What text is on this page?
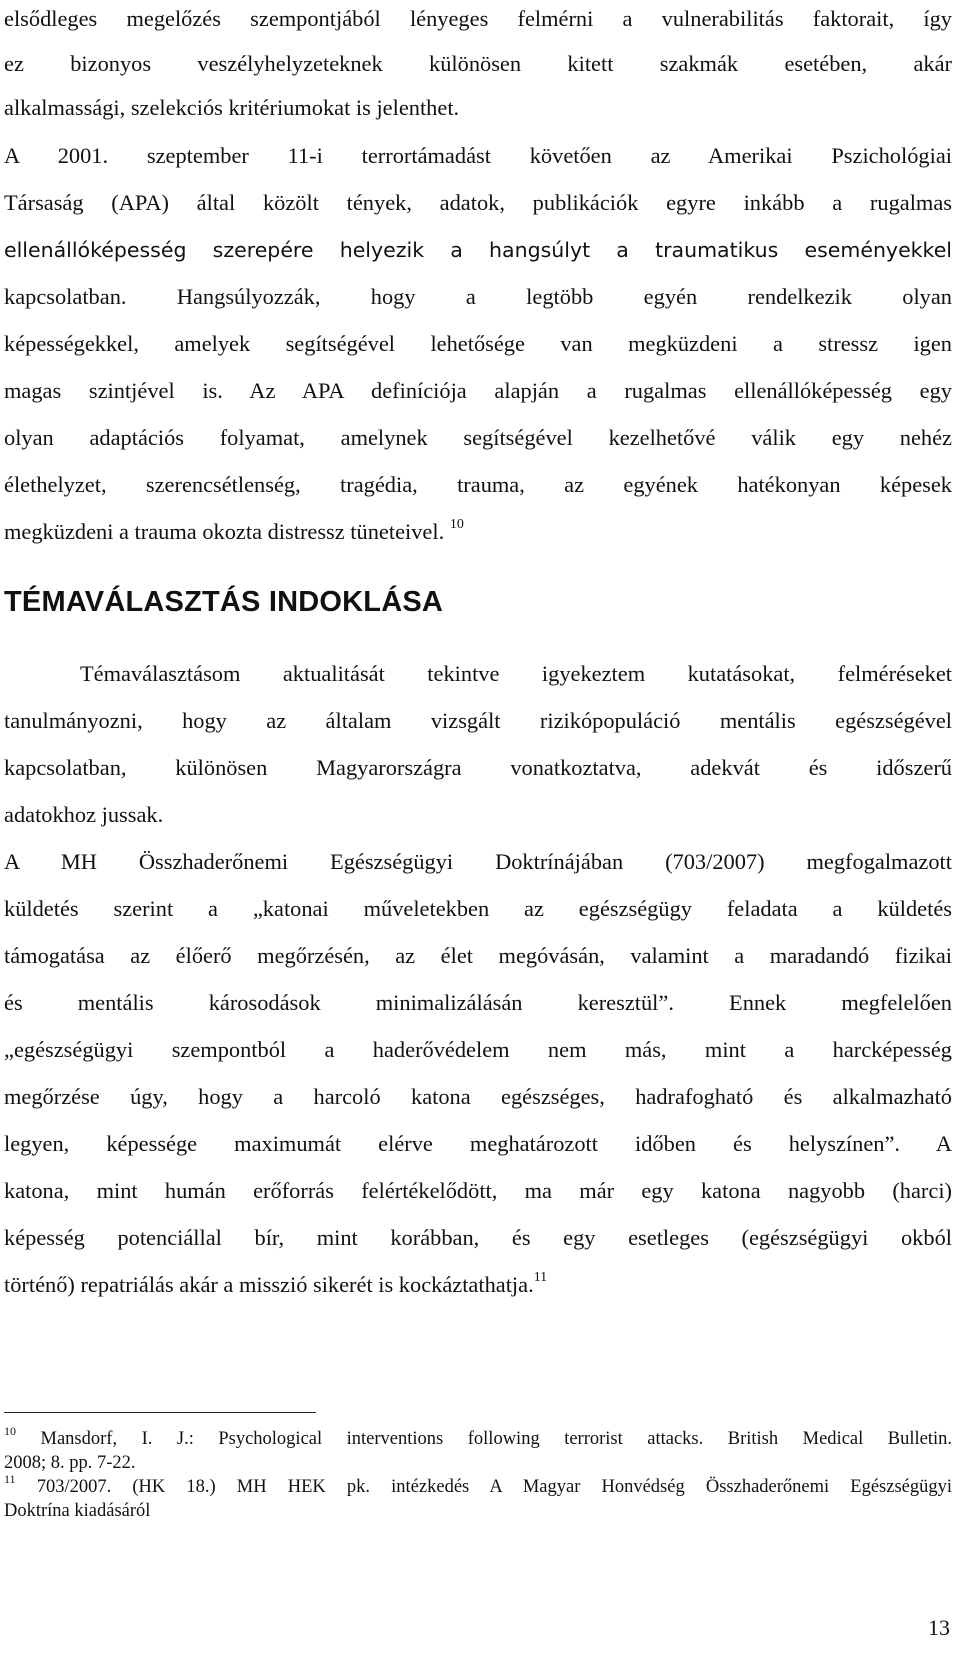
elsődleges megelőzés szempontjából lényeges felmérni a vulnerabilitás faktorait, így
ez bizonyos veszélyhelyzeteknek különösen kitett szakmák esetében, akár
alkalmassági, szelekciós kritériumokat is jelenthet.
A 2001. szeptember 11-i terrortámadást követően az Amerikai Pszichológiai
Társaság (APA) által közölt tények, adatok, publikációk egyre inkább a rugalmas
ellenállóképesség szerepére helyezik a hangsúlyt a traumatikus eseményekkel
kapcsolatban. Hangsúlyozzák, hogy a legtöbb egyén rendelkezik olyan
képességekkel, amelyek segítségével lehetősége van megküzdeni a stressz igen
magas szintjével is. Az APA definíciója alapján a rugalmas ellenállóképesség egy
olyan adaptációs folyamat, amelynek segítségével kezelhetővé válik egy nehéz
élethelyzet, szerencsétlenség, tragédia, trauma, az egyének hatékonyan képesek
megküzdeni a trauma okozta distressz tüneteivel. $^{10}$
TÉMAVÁLASZTÁS INDOKLÁSA
Témaválasztásom aktualitását tekintve igyekeztem kutatásokat, felméréseket
tanulmányozni, hogy az általam vizsgált rizikópopuláció mentális egészségével
kapcsolatban, különösen Magyarországra vonatkoztatva, adekvát és időszerű
adatokhoz jussak.
A MH Összhaderőnemi Egészségügyi Doktrínájában (703/2007) megfogalmazott
küldetés szerint a „katonai műveletekben az egészségügy feladata a küldetés
támogatása az élőerő megőrzésén, az élet megóvásán, valamint a maradandó fizikai
és mentális károsodások minimalizálásán keresztül”. Ennek megfelelően
„egészségügyi szempontból a haderővédelem nem más, mint a harcképesség
megőrzése úgy, hogy a harcoló katona egészséges, hadrafogható és alkalmazható
legyen, képessége maximumát elérve meghatározott időben és helyszínen”. A
katona, mint humán erőforrás felértékelődött, ma már egy katona nagyobb (harci)
képesség potenciállal bír, mint korábban, és egy esetleges (egészségügyi okból
történő) repatriálás akár a misszió sikerét is kockáztathatja.$^{11}$
$^{10}$ Mansdorf, I. J.: Psychological interventions following terrorist attacks. British Medical Bulletin.
2008; 8. pp. 7-22.
$^{11}$ 703/2007. (HK 18.) MH HEK pk. intézkedés A Magyar Honvédség Összhaderőnemi Egészségügyi
Doktrína kiadásáról
13
